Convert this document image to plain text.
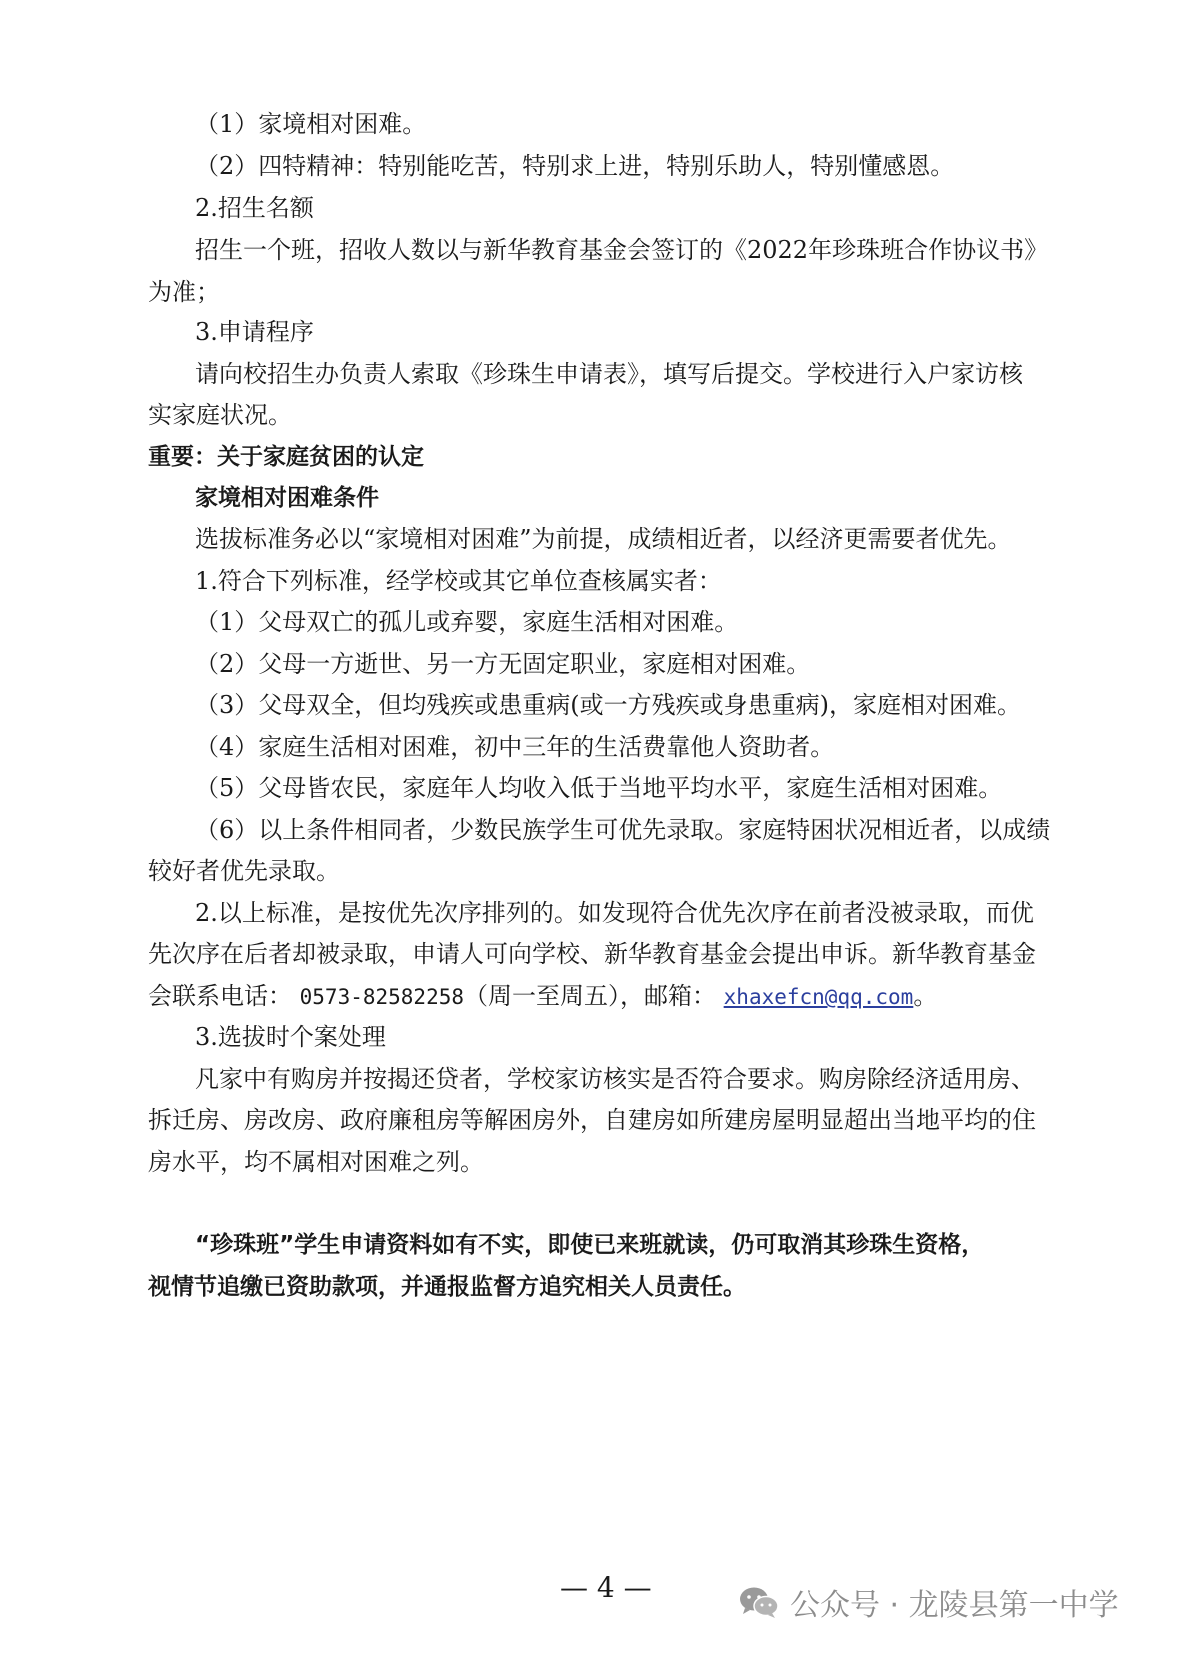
（1）家境相对困难。
（2）四特精神：特别能吃苦，特别求上进，特别乐助人，特别懂感恩。
2.招生名额
招生一个班，招收人数以与新华教育基金会签订的《2022年珍珠班合作协议书》
为准；
3.申请程序
请向校招生办负责人索取《珍珠生申请表》，填写后提交。学校进行入户家访核
实家庭状况。
重要：关于家庭贫困的认定
家境相对困难条件
选拔标准务必以“家境相对困难”为前提，成绩相近者，以经济更需要者优先。
1.符合下列标准，经学校或其它单位查核属实者：
（1）父母双亡的孤儿或弃婴，家庭生活相对困难。
（2）父母一方逝世、另一方无固定职业，家庭相对困难。
（3）父母双全，但均残疾或患重病(或一方残疾或身患重病)，家庭相对困难。
（4）家庭生活相对困难，初中三年的生活费靠他人资助者。
（5）父母皆农民，家庭年人均收入低于当地平均水平，家庭生活相对困难。
（6）以上条件相同者，少数民族学生可优先录取。家庭特困状况相近者，以成绩
较好者优先录取。
2.以上标准，是按优先次序排列的。如发现符合优先次序在前者没被录取，而优
先次序在后者却被录取，申请人可向学校、新华教育基金会提出申诉。新华教育基金
会联系电话： 0573-82582258（周一至周五），邮箱： xhaxefcn@qq.com。
3.选拔时个案处理
凡家中有购房并按揭还贷者，学校家访核实是否符合要求。购房除经济适用房、
拆迁房、房改房、政府廉租房等解困房外，自建房如所建房屋明显超出当地平均的住
房水平，均不属相对困难之列。
“珍珠班”学生申请资料如有不实，即使已来班就读，仍可取消其珍珠生资格，
视情节追缴已资助款项，并通报监督方追究相关人员责任。
— 4 —
公众号 · 龙陵县第一中学
